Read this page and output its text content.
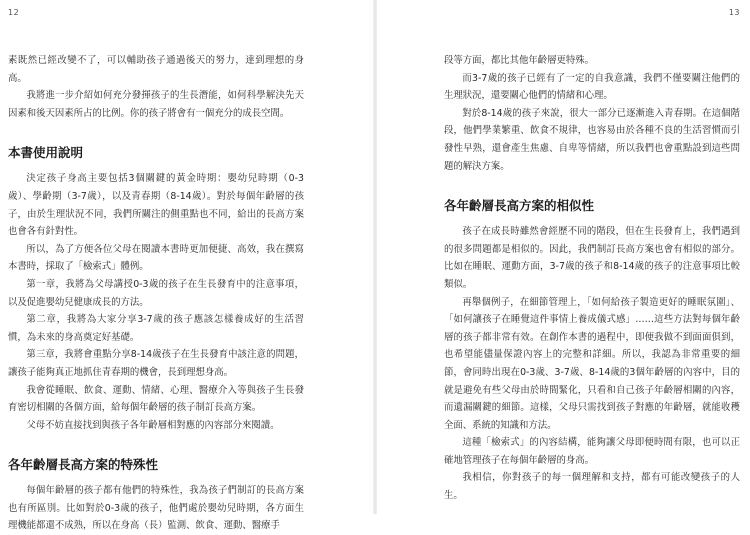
12	13

素既然已經改變不了，可以輔助孩子通過後天的努力，達到理想的身高。

我將進一步介紹如何充分發揮孩子的生長潛能，如何科學解決先天因素和後天因素所占的比例。你的孩子將會有一個充分的成長空間。

本書使用說明

決定孩子身高主要包括3個關鍵的黃金時期：嬰幼兒時期（0-3歲）、學齡期（3-7歲），以及青春期（8-14歲）。對於每個年齡層的孩子，由於生理狀況不同，我們所關注的側重點也不同，給出的長高方案也會各有針對性。

所以，為了方便各位父母在閱讀本書時更加便捷、高效，我在撰寫本書時，採取了「檢索式」體例。

第一章，我將為父母講授0-3歲的孩子在生長發育中的注意事項，以及促進嬰幼兒健康成長的方法。

第二章，我將為大家分享3-7歲的孩子應該怎樣養成好的生活習慣，為未來的身高奠定好基礎。

第三章，我將會重點分享8-14歲孩子在生長發育中該注意的問題，讓孩子能夠真正地抓住青春期的機會，長到理想身高。

我會從睡眠、飲食、運動、情緒、心理、醫療介入等與孩子生長發育密切相關的各個方面，給每個年齡層的孩子制訂長高方案。

父母不妨直接找到與孩子各年齡層相對應的內容部分來閱讀。

各年齡層長高方案的特殊性

每個年齡層的孩子都有他們的特殊性，我為孩子們制訂的長高方案也有所區別。比如對於0-3歲的孩子，他們處於嬰幼兒時期，各方面生理機能都還不成熟，所以在身高（長）監測、飲食、運動、醫療手

段等方面，都比其他年齡層更特殊。

而3-7歲的孩子已經有了一定的自我意識，我們不僅要關注他們的生理狀況，還要關心他們的情緒和心理。

對於8-14歲的孩子來說，很大一部分已逐漸進入青春期。在這個階段，他們學業繁重、飲食不規律，也容易由於各種不良的生活習慣而引發性早熟，還會產生焦慮、自卑等情緒，所以我們也會重點設到這些問題的解決方案。

各年齡層長高方案的相似性

孩子在成長時雖然會經歷不同的階段，但在生長發育上，我們遇到的很多問題都是相似的。因此，我們制訂長高方案也會有相似的部分。比如在睡眠、運動方面，3-7歲的孩子和8-14歲的孩子的注意事項比較類似。

再舉個例子，在細節管理上，「如何給孩子製造更好的睡眠氛圍」、「如何讓孩子在睡覺這件事情上養成儀式感」……這些方法對每個年齡層的孩子都非常有效。在創作本書的過程中，即便我做不到面面俱到，也希望能儘量保證內容上的完整和詳細。所以，我認為非常重要的細節，會同時出現在0-3歲、3-7歲、8-14歲的3個年齡層的內容中，目的就是避免有些父母由於時間緊化，只看和自己孩子年齡層相關的內容，而遺漏關鍵的細節。這樣，父母只需找到孩子對應的年齡層，就能收穫全面、系統的知識和方法。

這種「檢索式」的內容結構，能夠讓父母即便時間有限，也可以正確地管理孩子在每個年齡層的身高。

我相信，你對孩子的每一個理解和支持，都有可能改變孩子的人生。
